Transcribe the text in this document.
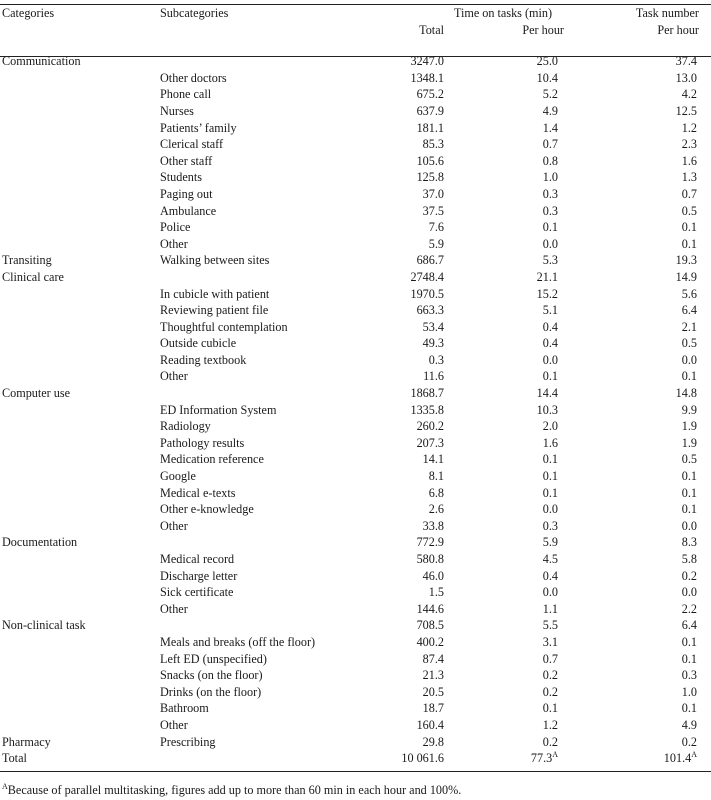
Categories	Subcategories	Time on tasks (min)		Task number
		Total	Per hour	Per hour

Communication		3247.0	25.0	37.4
	Other doctors	1348.1	10.4	13.0
	Phone call	675.2	5.2	4.2
	Nurses	637.9	4.9	12.5
	Patients’ family	181.1	1.4	1.2
	Clerical staff	85.3	0.7	2.3
	Other staff	105.6	0.8	1.6
	Students	125.8	1.0	1.3
	Paging out	37.0	0.3	0.7
	Ambulance	37.5	0.3	0.5
	Police	7.6	0.1	0.1
	Other	5.9	0.0	0.1
Transiting	Walking between sites	686.7	5.3	19.3
Clinical care		2748.4	21.1	14.9
	In cubicle with patient	1970.5	15.2	5.6
	Reviewing patient file	663.3	5.1	6.4
	Thoughtful contemplation	53.4	0.4	2.1
	Outside cubicle	49.3	0.4	0.5
	Reading textbook	0.3	0.0	0.0
	Other	11.6	0.1	0.1
Computer use		1868.7	14.4	14.8
	ED Information System	1335.8	10.3	9.9
	Radiology	260.2	2.0	1.9
	Pathology results	207.3	1.6	1.9
	Medication reference	14.1	0.1	0.5
	Google	8.1	0.1	0.1
	Medical e-texts	6.8	0.1	0.1
	Other e-knowledge	2.6	0.0	0.1
	Other	33.8	0.3	0.0
Documentation		772.9	5.9	8.3
	Medical record	580.8	4.5	5.8
	Discharge letter	46.0	0.4	0.2
	Sick certificate	1.5	0.0	0.0
	Other	144.6	1.1	2.2
Non-clinical task		708.5	5.5	6.4
	Meals and breaks (off the floor)	400.2	3.1	0.1
	Left ED (unspecified)	87.4	0.7	0.1
	Snacks (on the floor)	21.3	0.2	0.3
	Drinks (on the floor)	20.5	0.2	1.0
	Bathroom	18.7	0.1	0.1
	Other	160.4	1.2	4.9
Pharmacy	Prescribing	29.8	0.2	0.2
Total		10 061.6	$77.3^A$	$101.4^A$
$^A$Because of parallel multitasking, figures add up to more than 60 min in each hour and 100%.
